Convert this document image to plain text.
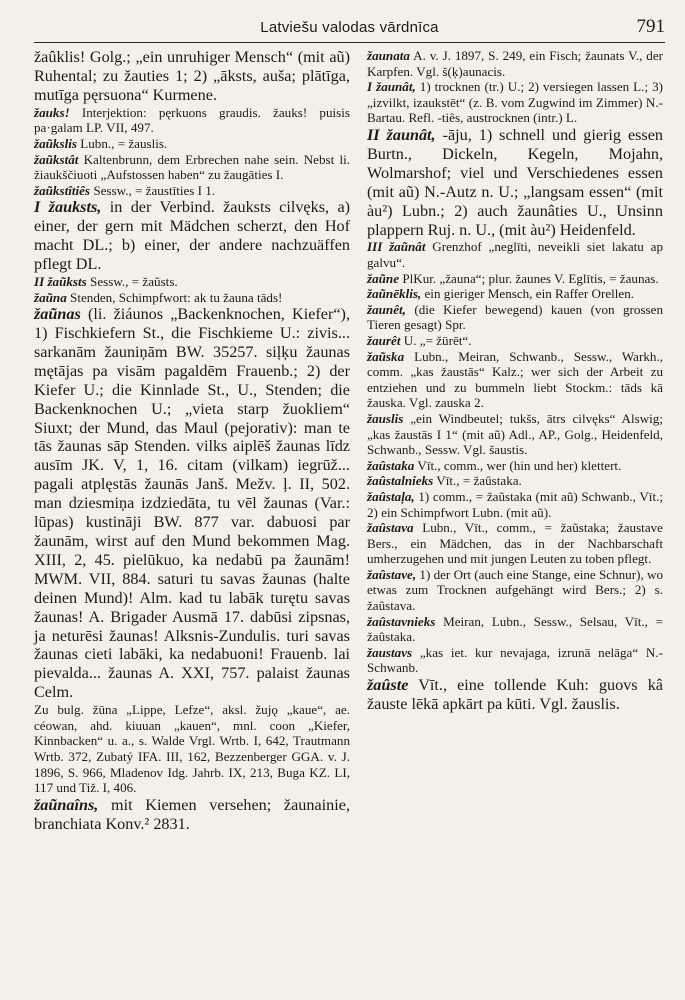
Latviešu valodas vārdnīca	791

žaûklis! Golg.; „ein unruhiger Mensch“ (mit aũ) Ruhental; zu žauties 1; 2) „āksts, auša; plātīga, mutīga pęrsuona“ Kurmene.

žauks! Interjektion: pęrkuons graudis. žauks! puisis pa·galam LP. VII, 497.

žaũkslis Lubn., = žauslis.

žaũkstât Kaltenbrunn, dem Erbrechen nahe sein. Nebst li. žiaukščiuoti „Aufstossen haben“ zu žaugāties I.

žaũkstîtiês Sessw., = žaustīties I 1.

I žauksts, in der Verbind. žauksts cilvęks, a) einer, der gern mit Mädchen scherzt, den Hof macht DL.; b) einer, der andere nachzuäffen pflegt DL.

II žaũksts Sessw., = žaũsts.

žaũna Stenden, Schimpfwort: ak tu žauna tāds!

žaũnas (li. žiáunos „Backenknochen, Kiefer“), 1) Fischkiefern St., die Fischkieme U.: zivis... sarkanām žauniņām BW. 35257. siļķu žaunas mętājas pa visām pagaldēm Frauenb.; 2) der Kiefer U.; die Kinnlade St., U., Stenden; die Backenknochen U.; „vieta starp žuokliem“ Siuxt; der Mund, das Maul (pejorativ): man te tās žaunas sāp Stenden. vilks aiplēš žaunas līdz ausīm JK. V, 1, 16. citam (vilkam) iegrūž... pagali atplęstās žaunās Janš. Mežv. ļ. II, 502. man dziesmiņa izdziedāta, tu vēl žaunas (Var.: lūpas) kustināji BW. 877 var. dabuosi par žaunām, wirst auf den Mund bekommen Mag. XIII, 2, 45. pielūkuo, ka nedabū pa žaunām! MWM. VII, 884. saturi tu savas žaunas (halte deinen Mund)! Alm. kad tu labāk turętu savas žaunas! A. Brigader Ausmā 17. dabūsi zipsnas, ja neturēsi žaunas! Alksnis-Zundulis. turi savas žaunas cieti labāki, ka nedabuoni! Frauenb. lai pievalda... žaunas A. XXI, 757. palaist žaunas Celm.

Zu bulg. žūna „Lippe, Lefze“, aksl. žujǫ „kaue“, ae. céowan, ahd. kiuuan „kauen“, mnl. coon „Kiefer, Kinnbacken“ u. a., s. Walde Vrgl. Wrtb. I, 642, Trautmann Wrtb. 372, Zubatý IFA. III, 162, Bezzenberger GGA. v. J. 1896, S. 966, Mladenov Idg. Jahrb. IX, 213, Buga KZ. LI, 117 und Tiž. I, 406.

žaũnaîns, mit Kiemen versehen; žaunainie, branchiata Konv.² 2831.

žaunata A. v. J. 1897, S. 249, ein Fisch; žaunats V., der Karpfen. Vgl. š(ķ)aunacis.

I žaunât, 1) trocknen (tr.) U.; 2) versiegen lassen L.; 3) „izvilkt, izaukstēt“ (z. B. vom Zugwind im Zimmer) N.-Bartau. Refl. -tiês, austrocknen (intr.) L.

II žaunât, -āju, 1) schnell und gierig essen Burtn., Dickeln, Kegeln, Mojahn, Wolmarshof; viel und Verschiedenes essen (mit aũ) N.-Autz n. U.; „langsam essen“ (mit àu²) Lubn.; 2) auch žaunâties U., Unsinn plappern Ruj. n. U., (mit àu²) Heidenfeld.

III žaũnât Grenzhof „neglīti, neveikli siet lakatu ap galvu“.

žaũne PlKur. „žauna“; plur. žaunes V. Eglītis, = žaunas.

žaũnēklis, ein gieriger Mensch, ein Raffer Orellen.

žaunêt, (die Kiefer bewegend) kauen (von grossen Tieren gesagt) Spr.

žaurêt U. „= žūrēt“.

žaũska Lubn., Meiran, Schwanb., Sessw., Warkh., comm. „kas žaustās“ Kalz.; wer sich der Arbeit zu entziehen und zu bummeln liebt Stockm.: tāds kā žauska. Vgl. zauska 2.

žauslis „ein Windbeutel; tukšs, ātrs cilvęks“ Alswig; „kas žaustās I 1“ (mit aũ) Adl., AP., Golg., Heidenfeld, Schwanb., Sessw. Vgl. šaustis.

žaûstaka Vīt., comm., wer (hin und her) klettert.

žaûstalnieks Vīt., = žaûstaka.

žaûstaļa, 1) comm., = žaũstaka (mit aũ) Schwanb., Vīt.; 2) ein Schimpfwort Lubn. (mit aũ).

žaûstava Lubn., Vīt., comm., = žaũstaka; žaustave Bers., ein Mädchen, das in der Nachbarschaft umherzugehen und mit jungen Leuten zu toben pflegt.

žaûstave, 1) der Ort (auch eine Stange, eine Schnur), wo etwas zum Trocknen aufgehängt wird Bers.; 2) s. žaûstava.

žaûstavnieks Meiran, Lubn., Sessw., Selsau, Vīt., = žaûstaka.

žaustavs „kas iet. kur nevajaga, izrunā nelāga“ N.-Schwanb.

žaûste Vīt., eine tollende Kuh: guovs kâ žauste lēkā apkārt pa kūti. Vgl. žauslis.
